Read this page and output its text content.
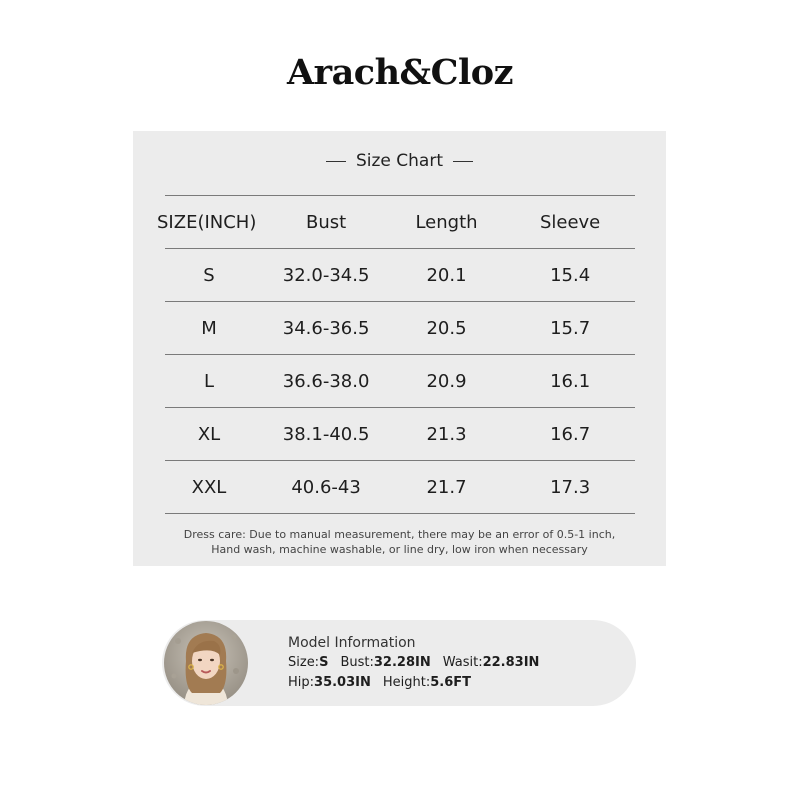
Arach&Cloz
Size Chart
SIZE(INCH)	Bust	Length	Sleeve
S	32.0-34.5	20.1	15.4
M	34.6-36.5	20.5	15.7
L	36.6-38.0	20.9	16.1
XL	38.1-40.5	21.3	16.7
XXL	40.6-43	21.7	17.3
Dress care: Due to manual measurement, there may be an error of 0.5-1 inch,
Hand wash, machine washable, or line dry, low iron when necessary
Model Information
Size:S Bust:32.28IN Wasit:22.83IN
Hip:35.03IN Height:5.6FT
